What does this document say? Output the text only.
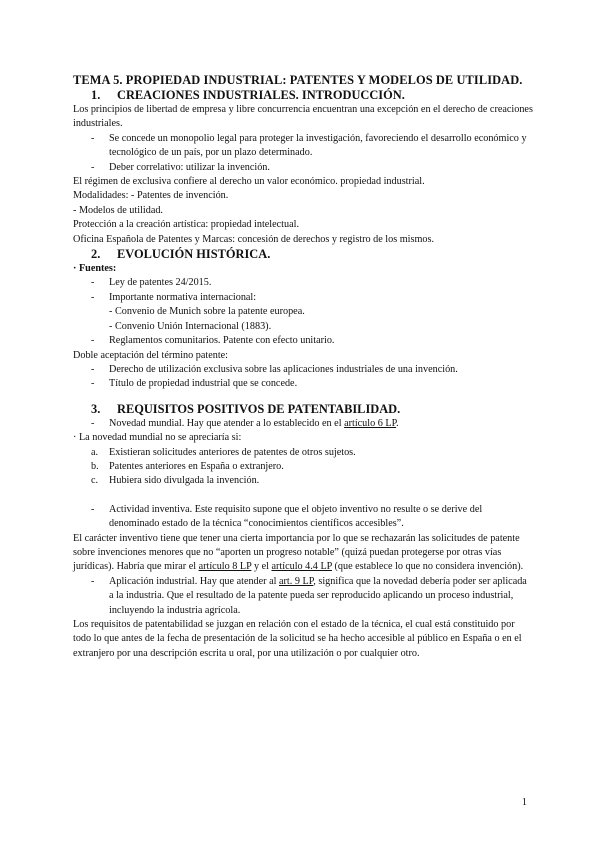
TEMA 5. PROPIEDAD INDUSTRIAL: PATENTES Y MODELOS DE UTILIDAD.

1.	CREACIONES INDUSTRIALES. INTRODUCCIÓN.

Los principios de libertad de empresa y libre concurrencia encuentran una excepción en el derecho de creaciones industriales.

-	Se concede un monopolio legal para proteger la investigación, favoreciendo el desarrollo económico y tecnológico de un país, por un plazo determinado.
-	Deber correlativo: utilizar la invención.

El régimen de exclusiva confiere al derecho un valor económico. propiedad industrial.

Modalidades: - Patentes de invención.

- Modelos de utilidad.

Protección a la creación artística: propiedad intelectual.

Oficina Española de Patentes y Marcas: concesión de derechos y registro de los mismos.

2.	EVOLUCIÓN HISTÓRICA.

· Fuentes:

-	Ley de patentes 24/2015.
-	Importante normativa internacional:

- Convenio de Munich sobre la patente europea.

- Convenio Unión Internacional (1883).

-	Reglamentos comunitarios. Patente con efecto unitario.

Doble aceptación del término patente:

-	Derecho de utilización exclusiva sobre las aplicaciones industriales de una invención.
-	Título de propiedad industrial que se concede.
3.	REQUISITOS POSITIVOS DE PATENTABILIDAD.
-	Novedad mundial. Hay que atender a lo establecido en el artículo 6 LP.

· La novedad mundial no se apreciaría si:

a.	Existieran solicitudes anteriores de patentes de otros sujetos.
b.	Patentes anteriores en España o extranjero.
c.	Hubiera sido divulgada la invención.
-	Actividad inventiva. Este requisito supone que el objeto inventivo no resulte o se derive del denominado estado de la técnica “conocimientos científicos accesibles”.

El carácter inventivo tiene que tener una cierta importancia por lo que se rechazarán las solicitudes de patente sobre invenciones menores que no “aporten un progreso notable” (quizá puedan protegerse por otras vías jurídicas). Habría que mirar el artículo 8 LP y el artículo 4.4 LP (que establece lo que no considera invención).

-	Aplicación industrial. Hay que atender al art. 9 LP, significa que la novedad debería poder ser aplicada a la industria. Que el resultado de la patente pueda ser reproducido aplicando un proceso industrial, incluyendo la industria agrícola.

Los requisitos de patentabilidad se juzgan en relación con el estado de la técnica, el cual está constituido por todo lo que antes de la fecha de presentación de la solicitud se ha hecho accesible al público en España o en el extranjero por una descripción escrita u oral, por una utilización o por cualquier otro.

1
